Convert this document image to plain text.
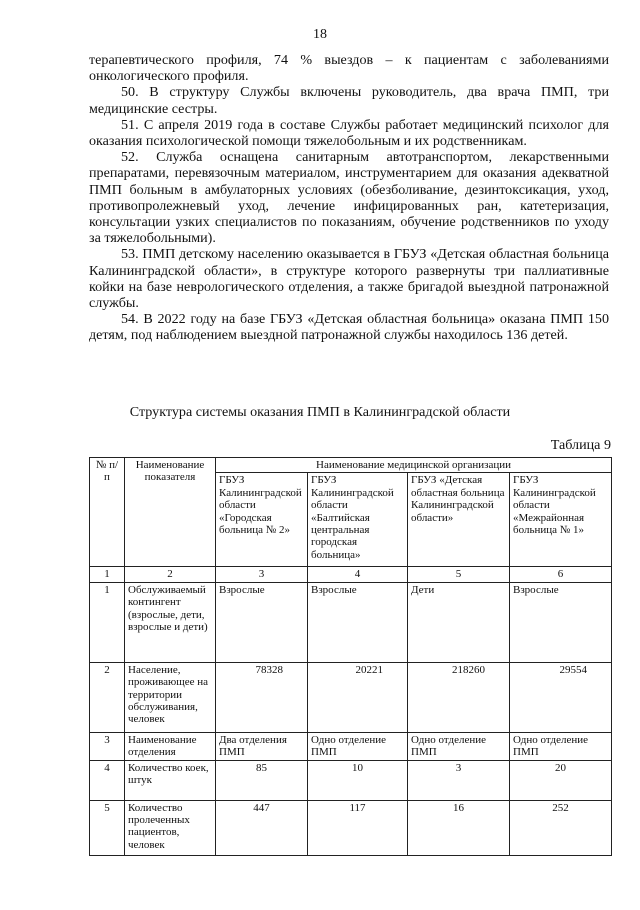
18

терапевтического профиля, 74 % выездов – к пациентам с заболеваниями онкологического профиля.

50. В структуру Службы включены руководитель, два врача ПМП, три медицинские сестры.

51. С апреля 2019 года в составе Службы работает медицинский психолог для оказания психологической помощи тяжелобольным и их родственникам.

52. Служба оснащена санитарным автотранспортом, лекарственными препаратами, перевязочным материалом, инструментарием для оказания адекватной ПМП больным в амбулаторных условиях (обезболивание, дезинтоксикация, уход, противопролежневый уход, лечение инфицированных ран, катетеризация, консультации узких специалистов по показаниям, обучение родственников по уходу за тяжелобольными).

53. ПМП детскому населению оказывается в ГБУЗ «Детская областная больница Калининградской области», в структуре которого развернуты три паллиативные койки на базе неврологического отделения, а также бригадой выездной патронажной службы.

54. В 2022 году на базе ГБУЗ «Детская областная больница» оказана ПМП 150 детям, под наблюдением выездной патронажной службы находилось 136 детей.

Структура системы оказания ПМП в Калининградской области
Таблица 9
№ п/п	Наименование показателя	Наименование медицинской организации			
		ГБУЗ Калининградской области «Городская больница № 2»	ГБУЗ Калининградской области «Балтийская центральная городская больница»	ГБУЗ «Детская областная больница Калининградской области»	ГБУЗ Калининградской области «Межрайонная больница № 1»
1	2	3	4	5	6
1	Обслуживаемый контингент (взрослые, дети, взрослые и дети)	Взрослые	Взрослые	Дети	Взрослые
2	Население, проживающее на территории обслуживания, человек	78328	20221	218260	29554
3	Наименование отделения	Два отделения ПМП	Одно отделение ПМП	Одно отделение ПМП	Одно отделение ПМП
4	Количество коек, штук	85	10	3	20
5	Количество пролеченных пациентов, человек	447	117	16	252
